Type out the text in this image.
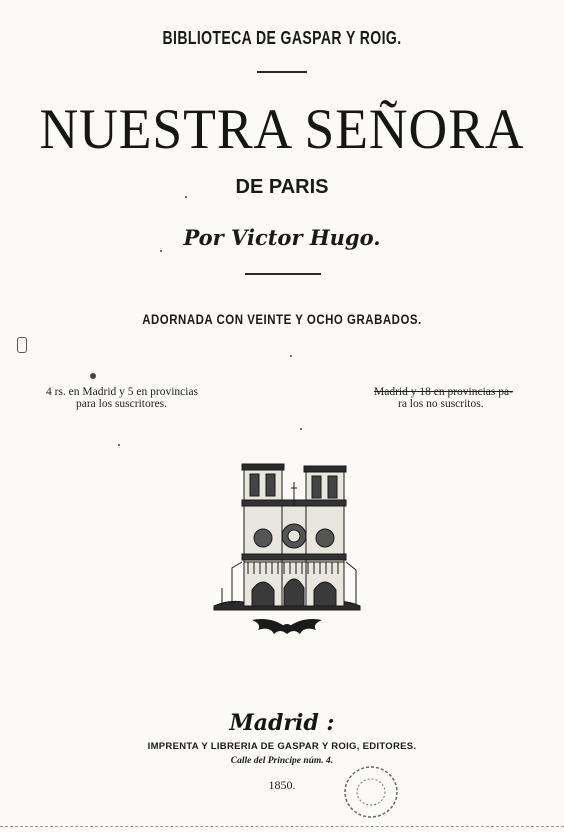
BIBLIOTECA DE GASPAR Y ROIG.
NUESTRA SEÑORA
DE PARIS
Por Victor Hugo.
ADORNADA CON VEINTE Y OCHO GRABADOS.
4 rs. en Madrid y 5 en provincias
para los suscritores.
Madrid y 18 en provincias pa-
ra los no suscritos.
Madrid :
IMPRENTA Y LIBRERIA DE GASPAR Y ROIG, EDITORES.
Calle del Principe núm. 4.
1850.
